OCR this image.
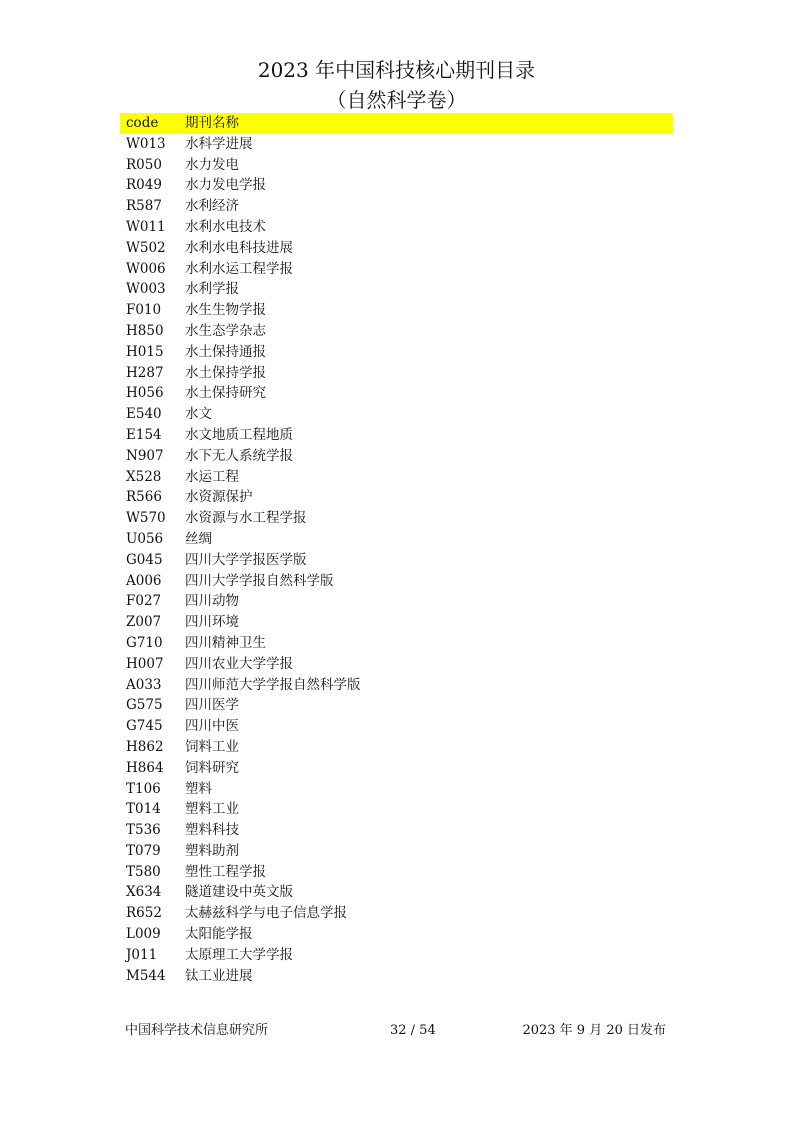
2023 年中国科技核心期刊目录
（自然科学卷）
code 期刊名称
W013 水科学进展
R050 水力发电
R049 水力发电学报
R587 水利经济
W011 水利水电技术
W502 水利水电科技进展
W006 水利水运工程学报
W003 水利学报
F010 水生生物学报
H850 水生态学杂志
H015 水土保持通报
H287 水土保持学报
H056 水土保持研究
E540 水文
E154 水文地质工程地质
N907 水下无人系统学报
X528 水运工程
R566 水资源保护
W570 水资源与水工程学报
U056 丝绸
G045 四川大学学报医学版
A006 四川大学学报自然科学版
F027 四川动物
Z007 四川环境
G710 四川精神卫生
H007 四川农业大学学报
A033 四川师范大学学报自然科学版
G575 四川医学
G745 四川中医
H862 饲料工业
H864 饲料研究
T106 塑料
T014 塑料工业
T536 塑料科技
T079 塑料助剂
T580 塑性工程学报
X634 隧道建设中英文版
R652 太赫兹科学与电子信息学报
L009 太阳能学报
J011 太原理工大学学报
M544 钛工业进展
中国科学技术信息研究所	32 / 54	2023 年 9 月 20 日发布
